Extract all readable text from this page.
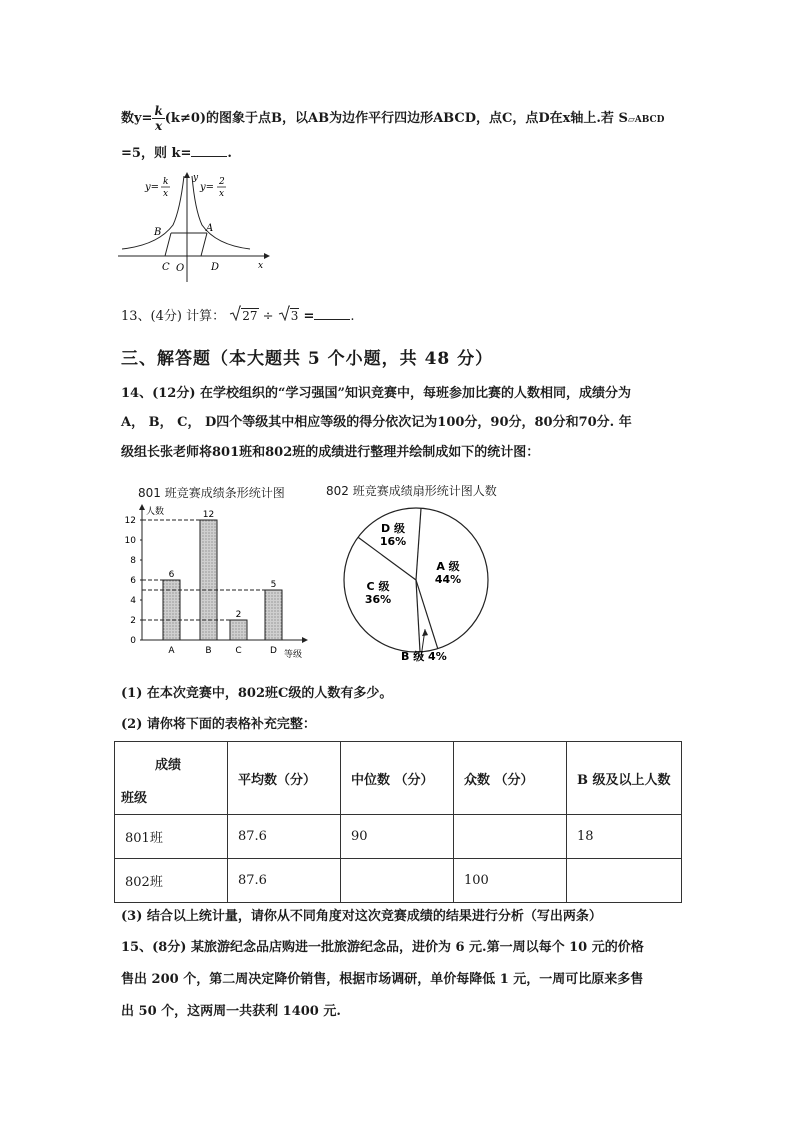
数$y= \frac{k}{x} (k\ne 0)$的图象于点B，以AB为边作平行四边形ABCD，点C，点D在x轴上.若 S▱ABCD
=5，则 k=	.
y= k
x
y= 2
x
y
x
B	A
C O	D
13、(4分) 计算： 27 ÷ 3 =	.
三、解答题（本大题共 5 个小题，共 48 分）
14、(12分) 在学校组织的“学习强国”知识竞赛中，每班参加比赛的人数相同，成绩分为
A， B， C， D四个等级其中相应等级的得分依次记为100分，90分，80分和70分. 年
级组长张老师将801班和802班的成绩进行整理并绘制成如下的统计图：
801 班竞赛成绩条形统计图
0
2
4
6
8
10
12
人数
等级
6
A
12
B
2
C
5
D
802 班竞赛成绩扇形统计图人数
A 级
44%
C 级
36%
D 级
16%
B 级 4%
(1) 在本次竞赛中，802班C级的人数有多少。
(2) 请你将下面的表格补充完整：
成绩
班级	平均数（分）	中位数 （分）	众数 （分）	B 级及以上人数
801班	87.6	90		18
802班	87.6		100	
(3) 结合以上统计量，请你从不同角度对这次竞赛成绩的结果进行分析（写出两条）
15、(8分) 某旅游纪念品店购进一批旅游纪念品，进价为 6 元.第一周以每个 10 元的价格
售出 200 个，第二周决定降价销售，根据市场调研，单价每降低 1 元，一周可比原来多售
出 50 个，这两周一共获利 1400 元.
